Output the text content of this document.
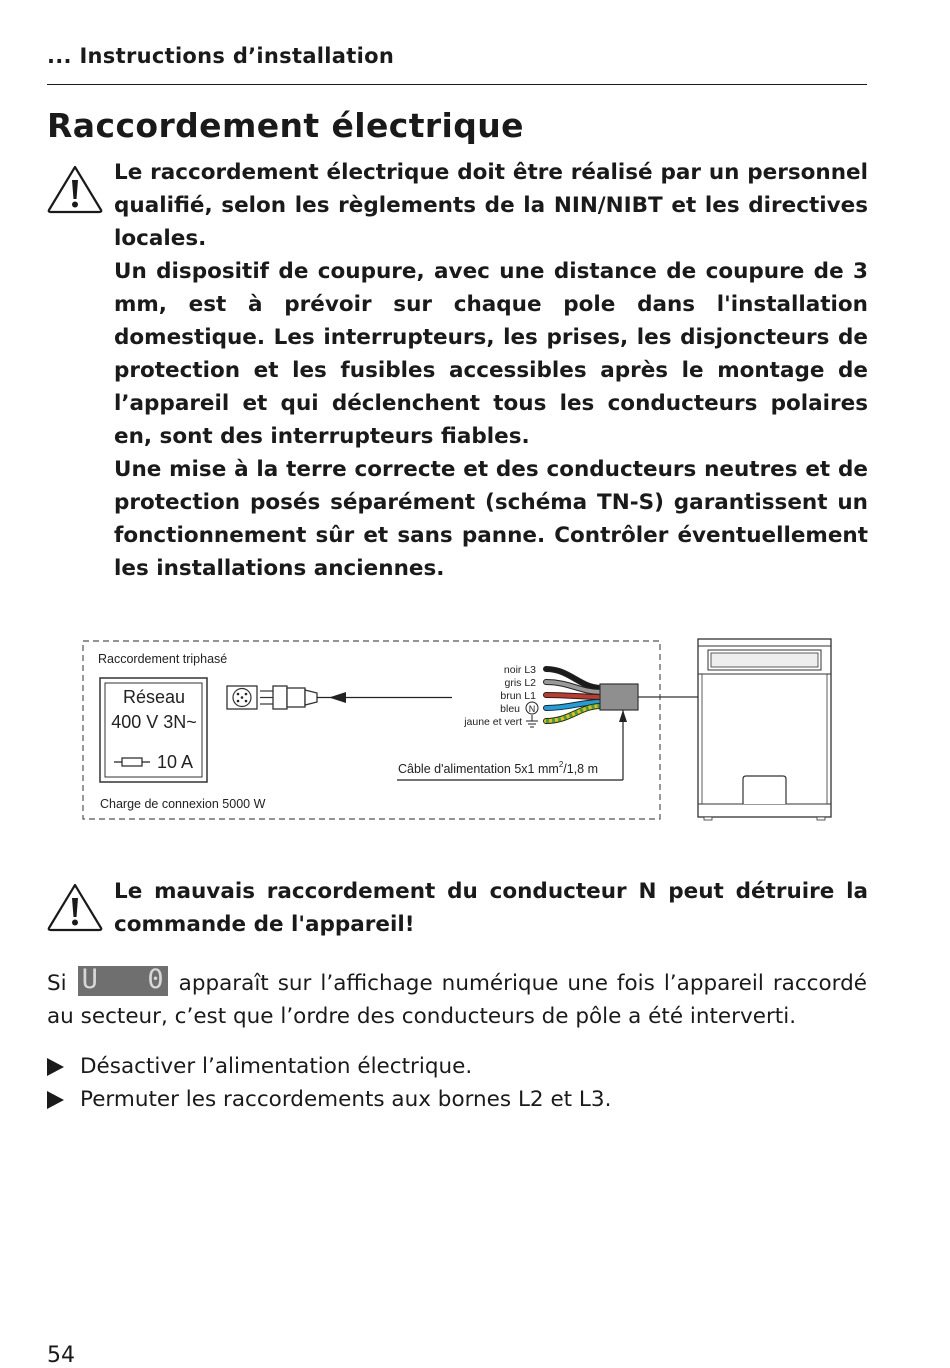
... Instructions d’installation
Raccordement électrique

Le raccordement électrique doit être réalisé par un personnel qualifié, selon les règlements de la NIN/NIBT et les directives locales.

Un dispositif de coupure, avec une distance de coupure de 3 mm, est à prévoir sur chaque pole dans l'installation domestique. Les interrupteurs, les prises, les disjoncteurs de protection et les fusibles accessibles après le montage de l’appareil et qui déclenchent tous les conducteurs polaires en, sont des interrupteurs fiables.

Une mise à la terre correcte et des conducteurs neutres et de protection posés séparément (schéma TN-S) garantissent un fonctionnement sûr et sans panne. Contrôler éventuellement les installations anciennes.

Raccordement triphasé
Réseau
400 V 3N~
10 A
noir L3
gris L2
brun L1
bleu N
jaune et vert
Câble d'alimentation 5x1 $mm^2/1,8$ m
Charge de connexion 5000 W
Le mauvais raccordement du conducteur N peut détruire la commande de l'appareil!
Si U 0 apparaît sur l’affichage numérique une fois l’appareil raccordé au secteur, c’est que l’ordre des conducteurs de pôle a été interverti.
Désactiver l’alimentation électrique.
Permuter les raccordements aux bornes L2 et L3.
54
